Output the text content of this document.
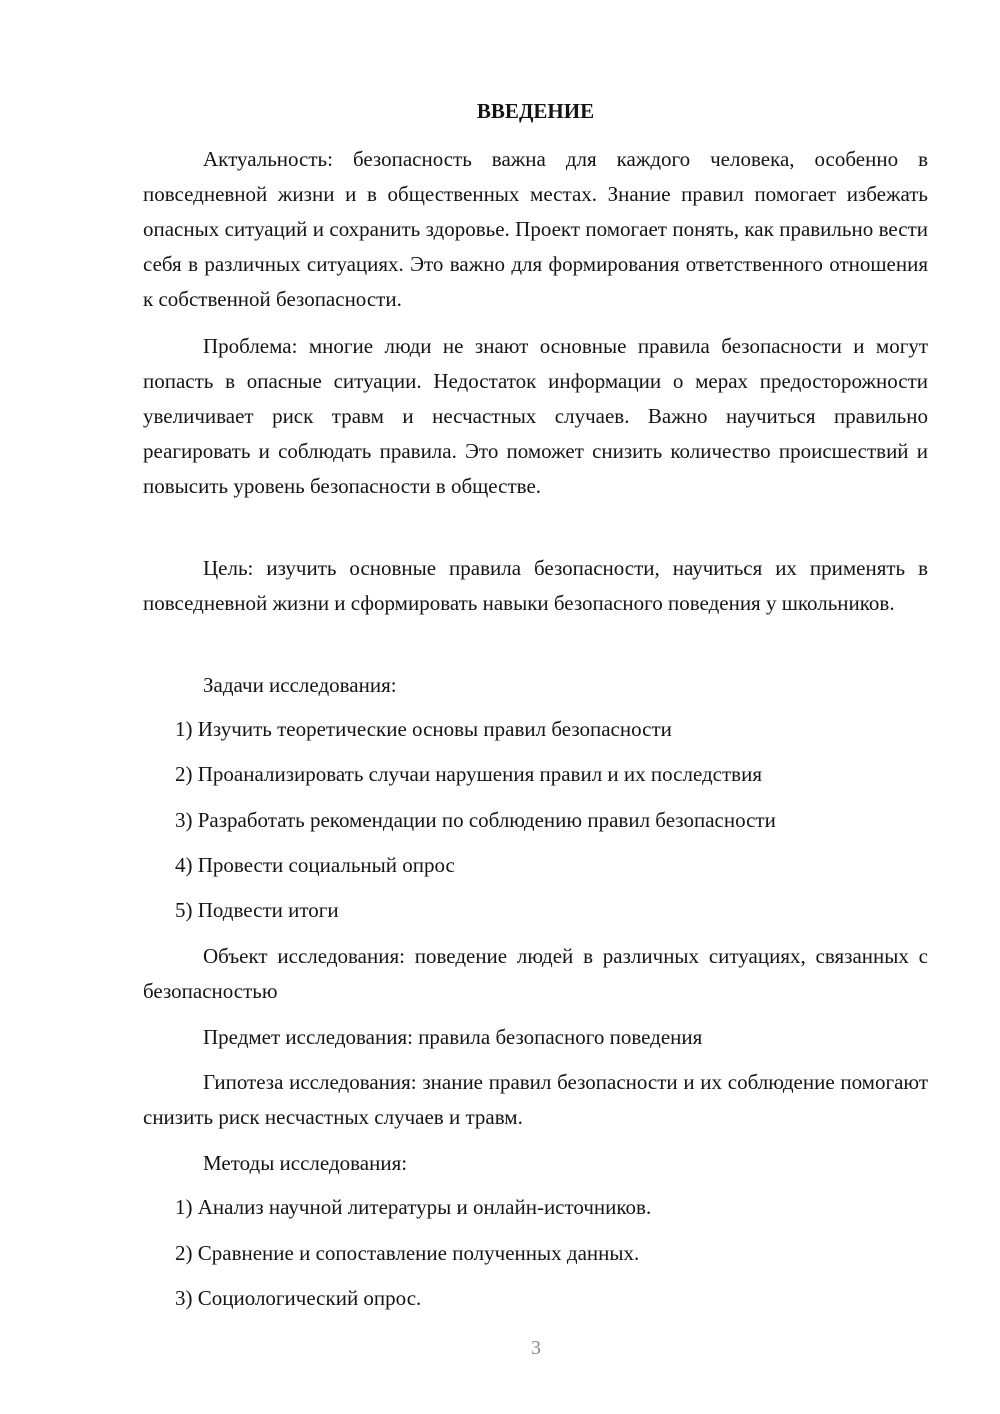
ВВЕДЕНИЕ

Актуальность: безопасность важна для каждого человека, особенно в повседневной жизни и в общественных местах. Знание правил помогает избежать опасных ситуаций и сохранить здоровье. Проект помогает понять, как правильно вести себя в различных ситуациях. Это важно для формирования ответственного отношения к собственной безопасности.

Проблема: многие люди не знают основные правила безопасности и могут попасть в опасные ситуации. Недостаток информации о мерах предосторожности увеличивает риск травм и несчастных случаев. Важно научиться правильно реагировать и соблюдать правила. Это поможет снизить количество происшествий и повысить уровень безопасности в обществе.

Цель: изучить основные правила безопасности, научиться их применять в повседневной жизни и сформировать навыки безопасного поведения у школьников.

Задачи исследования:

1) Изучить теоретические основы правил безопасности

2) Проанализировать случаи нарушения правил и их последствия

3) Разработать рекомендации по соблюдению правил безопасности

4) Провести социальный опрос

5) Подвести итоги

Объект исследования: поведение людей в различных ситуациях, связанных с безопасностью

Предмет исследования: правила безопасного поведения

Гипотеза исследования: знание правил безопасности и их соблюдение помогают снизить риск несчастных случаев и травм.

Методы исследования:

1) Анализ научной литературы и онлайн-источников.

2) Сравнение и сопоставление полученных данных.

3) Социологический опрос.

3
